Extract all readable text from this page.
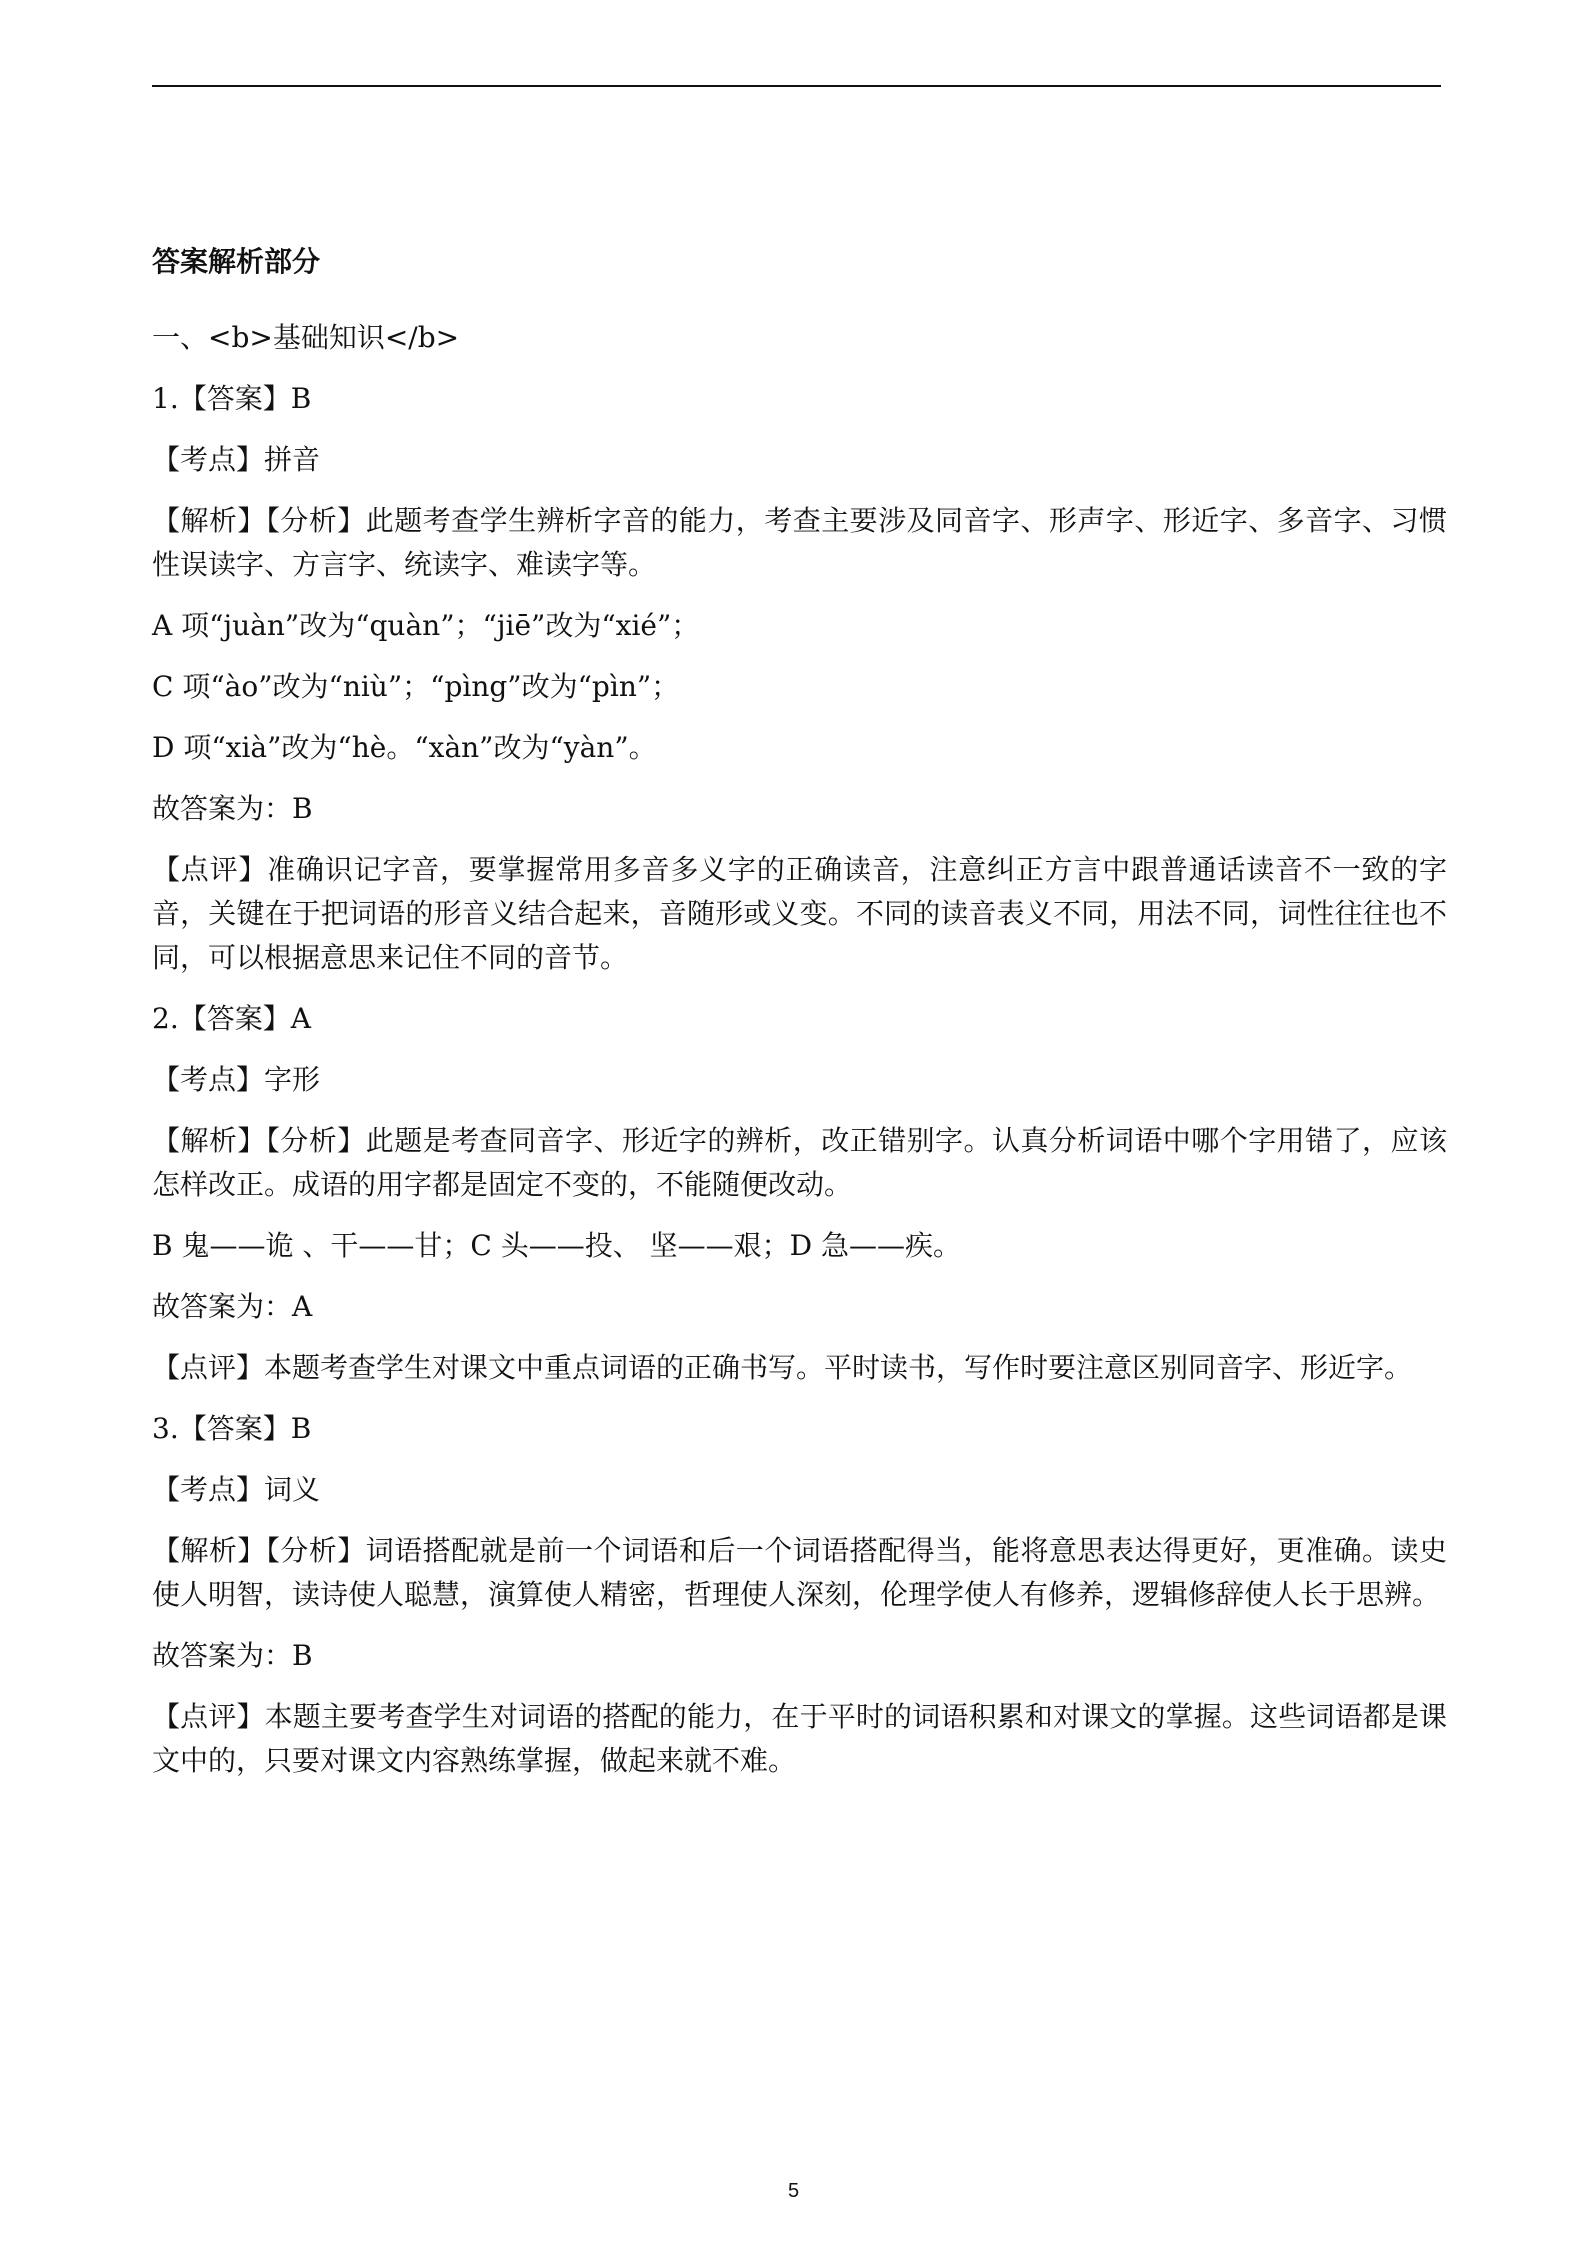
答案解析部分
一、<b>基础知识</b>
1.【答案】B
【考点】拼音
【解析】【分析】此题考查学生辨析字音的能力，考查主要涉及同音字、形声字、形近字、多音字、习惯性误读字、方言字、统读字、难读字等。
A 项“juàn”改为“quàn”；“jiē”改为“xié”；
C 项“ào”改为“niù”；“pìng”改为“pìn”；
D 项“xià”改为“hè。“xàn”改为“yàn”。
故答案为：B
【点评】准确识记字音，要掌握常用多音多义字的正确读音，注意纠正方言中跟普通话读音不一致的字音，关键在于把词语的形音义结合起来，音随形或义变。不同的读音表义不同，用法不同，词性往往也不同，可以根据意思来记住不同的音节。
2.【答案】A
【考点】字形
【解析】【分析】此题是考查同音字、形近字的辨析，改正错别字。认真分析词语中哪个字用错了，应该怎样改正。成语的用字都是固定不变的，不能随便改动。
B 鬼——诡 、干——甘；C 头——投、 坚——艰；D 急——疾。
故答案为：A
【点评】本题考查学生对课文中重点词语的正确书写。平时读书，写作时要注意区别同音字、形近字。
3.【答案】B
【考点】词义
【解析】【分析】词语搭配就是前一个词语和后一个词语搭配得当，能将意思表达得更好，更准确。读史使人明智，读诗使人聪慧，演算使人精密，哲理使人深刻，伦理学使人有修养，逻辑修辞使人长于思辨。
故答案为：B
【点评】本题主要考查学生对词语的搭配的能力，在于平时的词语积累和对课文的掌握。这些词语都是课文中的，只要对课文内容熟练掌握，做起来就不难。
5
